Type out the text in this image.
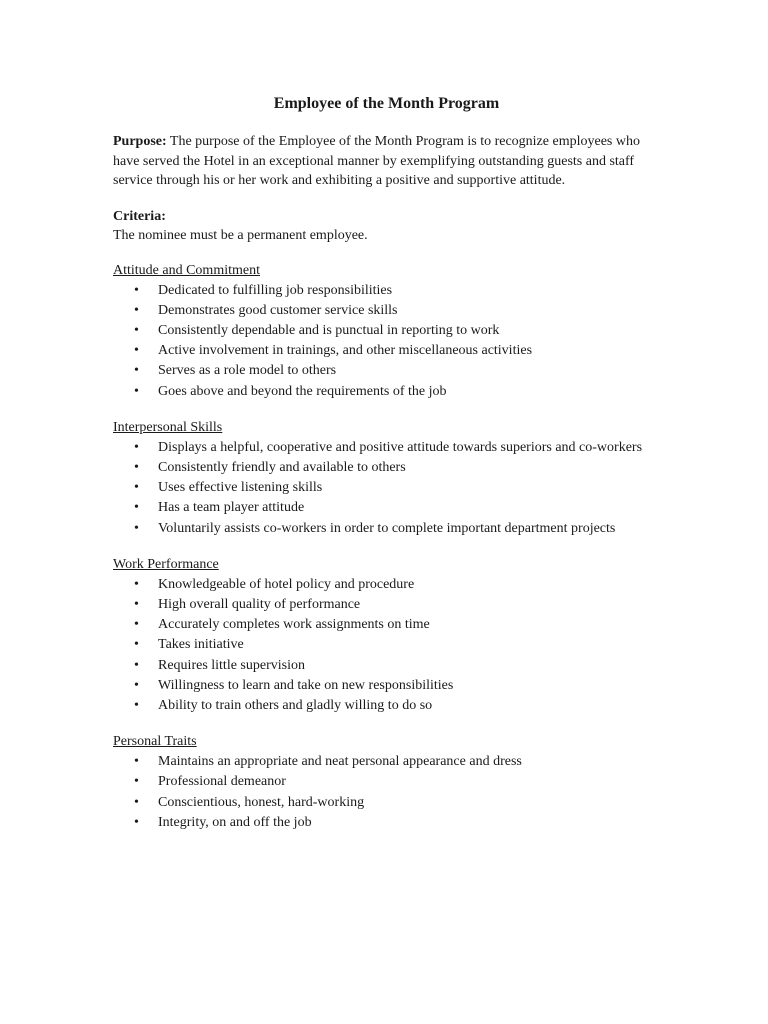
Employee of the Month Program

Purpose: The purpose of the Employee of the Month Program is to recognize employees who have served the Hotel in an exceptional manner by exemplifying outstanding guests and staff service through his or her work and exhibiting a positive and supportive attitude.

Criteria:

The nominee must be a permanent employee.

Attitude and Commitment

• Dedicated to fulfilling job responsibilities
• Demonstrates good customer service skills
• Consistently dependable and is punctual in reporting to work
• Active involvement in trainings, and other miscellaneous activities
• Serves as a role model to others
• Goes above and beyond the requirements of the job

Interpersonal Skills

• Displays a helpful, cooperative and positive attitude towards superiors and co-workers
• Consistently friendly and available to others
• Uses effective listening skills
• Has a team player attitude
• Voluntarily assists co-workers in order to complete important department projects

Work Performance

• Knowledgeable of hotel policy and procedure
• High overall quality of performance
• Accurately completes work assignments on time
• Takes initiative
• Requires little supervision
• Willingness to learn and take on new responsibilities
• Ability to train others and gladly willing to do so

Personal Traits

• Maintains an appropriate and neat personal appearance and dress
• Professional demeanor
• Conscientious, honest, hard-working
• Integrity, on and off the job
